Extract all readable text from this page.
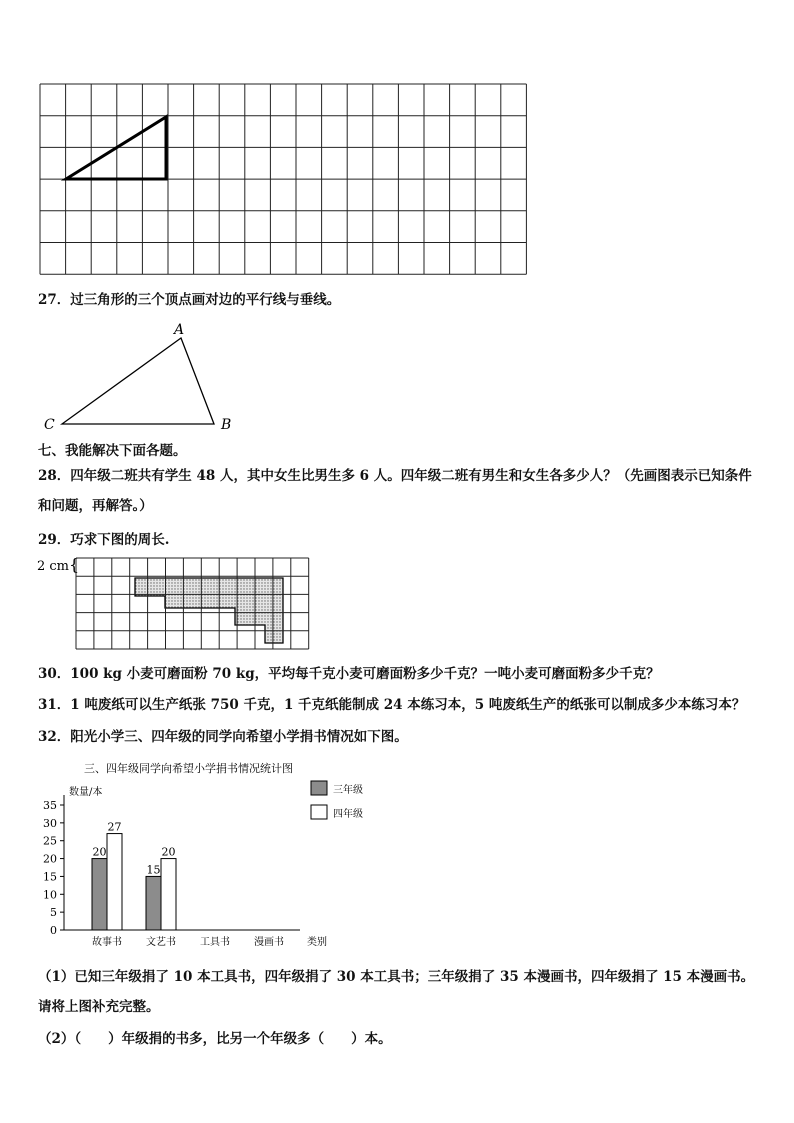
27．过三角形的三个顶点画对边的平行线与垂线。
A
B
C
七、我能解决下面各题。
28．四年级二班共有学生 48 人，其中女生比男生多 6 人。四年级二班有男生和女生各多少人？（先画图表示已知条件和问题，再解答。）
29．巧求下图的周长.
2 cm {
30．100 kg 小麦可磨面粉 70 kg，平均每千克小麦可磨面粉多少千克？一吨小麦可磨面粉多少千克？
31．1 吨废纸可以生产纸张 750 千克，1 千克纸能制成 24 本练习本，5 吨废纸生产的纸张可以制成多少本练习本？
32．阳光小学三、四年级的同学向希望小学捐书情况如下图。
三、四年级同学向希望小学捐书情况统计图
数量/本
类别
三年级
四年级
0
5
10
15
20
25
30
35
20
27
故事书
15
20
文艺书 工具书 漫画书
（1）已知三年级捐了 10 本工具书，四年级捐了 30 本工具书；三年级捐了 35 本漫画书，四年级捐了 15 本漫画书。请将上图补充完整。
（2）（　　）年级捐的书多，比另一个年级多（　　）本。
